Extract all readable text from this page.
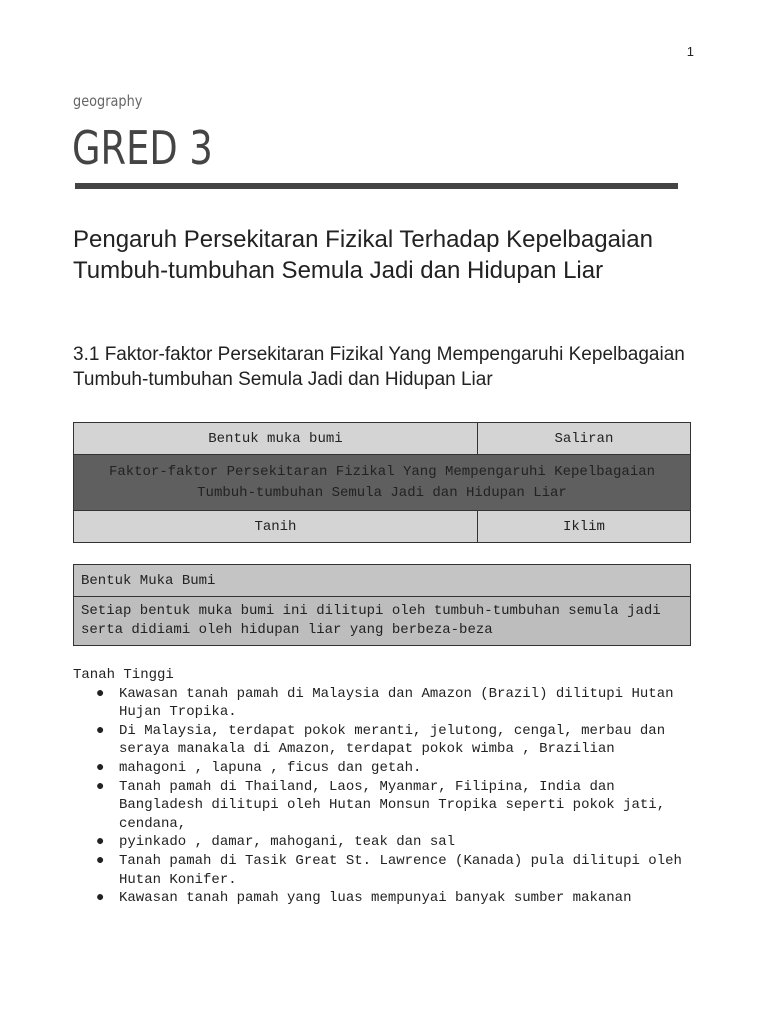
1
geography
GRED 3
Pengaruh Persekitaran Fizikal Terhadap Kepelbagaian Tumbuh-tumbuhan Semula Jadi dan Hidupan Liar
3.1 Faktor-faktor Persekitaran Fizikal Yang Mempengaruhi Kepelbagaian Tumbuh-tumbuhan Semula Jadi dan Hidupan Liar
Bentuk muka bumi	Saliran
Faktor-faktor Persekitaran Fizikal Yang Mempengaruhi Kepelbagaian Tumbuh-tumbuhan Semula Jadi dan Hidupan Liar	
Tanih	Iklim
Bentuk Muka Bumi
Setiap bentuk muka bumi ini dilitupi oleh tumbuh-tumbuhan semula jadi serta didiami oleh hidupan liar yang berbeza-beza

Tanah Tinggi

● Kawasan tanah pamah di Malaysia dan Amazon (Brazil) dilitupi Hutan Hujan Tropika.
● Di Malaysia, terdapat pokok meranti, jelutong, cengal, merbau dan seraya manakala di Amazon, terdapat pokok wimba , Brazilian
● mahagoni , lapuna , ficus dan getah.
● Tanah pamah di Thailand, Laos, Myanmar, Filipina, India dan Bangladesh dilitupi oleh Hutan Monsun Tropika seperti pokok jati, cendana,
● pyinkado , damar, mahogani, teak dan sal
● Tanah pamah di Tasik Great St. Lawrence (Kanada) pula dilitupi oleh Hutan Konifer.
● Kawasan tanah pamah yang luas mempunyai banyak sumber makanan
